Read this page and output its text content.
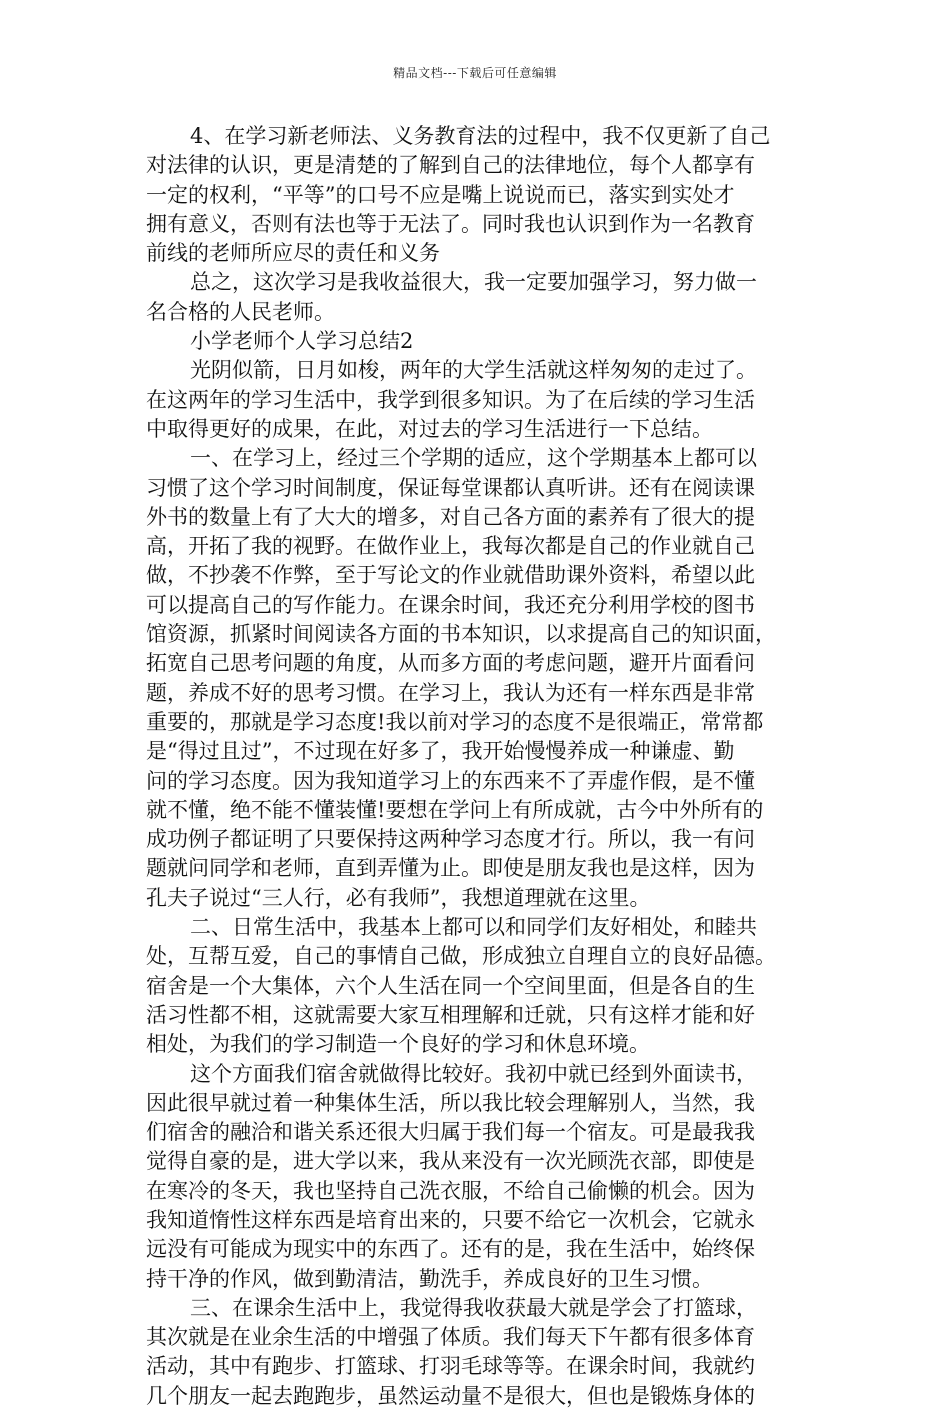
精品文档---下载后可任意编辑
4、在学习新老师法、义务教育法的过程中，我不仅更新了自己
对法律的认识，更是清楚的了解到自己的法律地位，每个人都享有
一定的权利，“平等”的口号不应是嘴上说说而已，落实到实处才
拥有意义，否则有法也等于无法了。同时我也认识到作为一名教育
前线的老师所应尽的责任和义务
总之，这次学习是我收益很大，我一定要加强学习，努力做一
名合格的人民老师。
小学老师个人学习总结2
光阴似箭，日月如梭，两年的大学生活就这样匆匆的走过了。
在这两年的学习生活中，我学到很多知识。为了在后续的学习生活
中取得更好的成果，在此，对过去的学习生活进行一下总结。
一、在学习上，经过三个学期的适应，这个学期基本上都可以
习惯了这个学习时间制度，保证每堂课都认真听讲。还有在阅读课
外书的数量上有了大大的增多，对自己各方面的素养有了很大的提
高，开拓了我的视野。在做作业上，我每次都是自己的作业就自己
做，不抄袭不作弊，至于写论文的作业就借助课外资料，希望以此
可以提高自己的写作能力。在课余时间，我还充分利用学校的图书
馆资源，抓紧时间阅读各方面的书本知识，以求提高自己的知识面，
拓宽自己思考问题的角度，从而多方面的考虑问题，避开片面看问
题，养成不好的思考习惯。在学习上，我认为还有一样东西是非常
重要的，那就是学习态度!我以前对学习的态度不是很端正，常常都
是“得过且过”，不过现在好多了，我开始慢慢养成一种谦虚、勤
问的学习态度。因为我知道学习上的东西来不了弄虚作假，是不懂
就不懂，绝不能不懂装懂!要想在学问上有所成就，古今中外所有的
成功例子都证明了只要保持这两种学习态度才行。所以，我一有问
题就问同学和老师，直到弄懂为止。即使是朋友我也是这样，因为
孔夫子说过“三人行，必有我师”，我想道理就在这里。
二、日常生活中，我基本上都可以和同学们友好相处，和睦共
处，互帮互爱，自己的事情自己做，形成独立自理自立的良好品德。
宿舍是一个大集体，六个人生活在同一个空间里面，但是各自的生
活习性都不相，这就需要大家互相理解和迁就，只有这样才能和好
相处，为我们的学习制造一个良好的学习和休息环境。
这个方面我们宿舍就做得比较好。我初中就已经到外面读书，
因此很早就过着一种集体生活，所以我比较会理解别人，当然，我
们宿舍的融洽和谐关系还很大归属于我们每一个宿友。可是最我我
觉得自豪的是，进大学以来，我从来没有一次光顾洗衣部，即使是
在寒冷的冬天，我也坚持自己洗衣服，不给自己偷懒的机会。因为
我知道惰性这样东西是培育出来的，只要不给它一次机会，它就永
远没有可能成为现实中的东西了。还有的是，我在生活中，始终保
持干净的作风，做到勤清洁，勤洗手，养成良好的卫生习惯。
三、在课余生活中上，我觉得我收获最大就是学会了打篮球，
其次就是在业余生活的中增强了体质。我们每天下午都有很多体育
活动，其中有跑步、打篮球、打羽毛球等等。在课余时间，我就约
几个朋友一起去跑跑步，虽然运动量不是很大，但也是锻炼身体的
